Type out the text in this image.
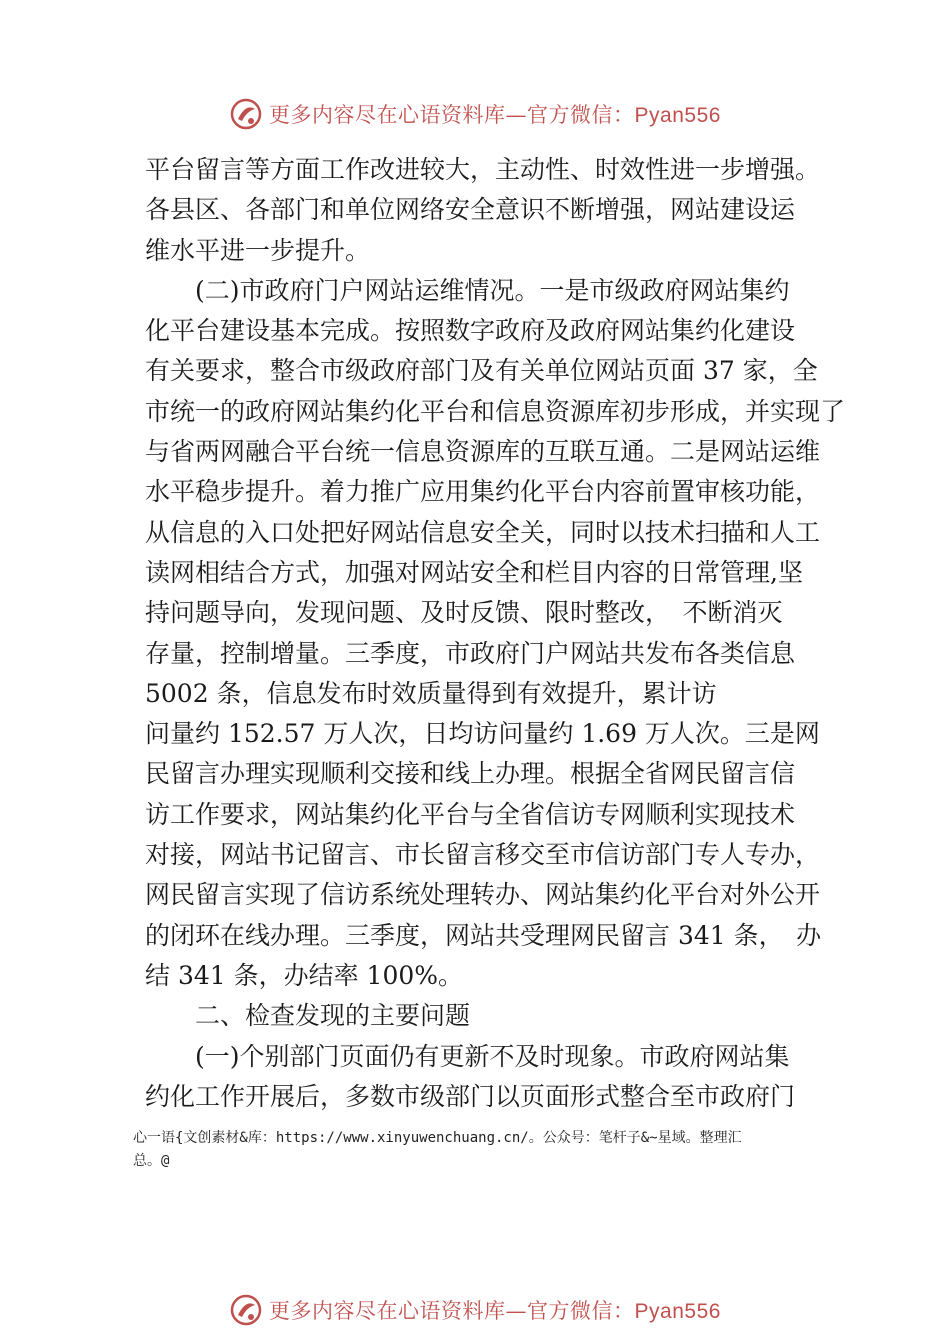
更多内容尽在心语资料库—官方微信：Pyan556
平台留言等方面工作改进较大，主动性、时效性进一步增强。
各县区、各部门和单位网络安全意识不断增强，网站建设运
维水平进一步提升。
　　(二)市政府门户网站运维情况。一是市级政府网站集约
化平台建设基本完成。按照数字政府及政府网站集约化建设
有关要求，整合市级政府部门及有关单位网站页面 37 家，全
市统一的政府网站集约化平台和信息资源库初步形成，并实现了
与省两网融合平台统一信息资源库的互联互通。二是网站运维
水平稳步提升。着力推广应用集约化平台内容前置审核功能，
从信息的入口处把好网站信息安全关，同时以技术扫描和人工
读网相结合方式，加强对网站安全和栏目内容的日常管理,坚
持问题导向，发现问题、及时反馈、限时整改，　不断消灭
存量，控制增量。三季度，市政府门户网站共发布各类信息
5002 条，信息发布时效质量得到有效提升，累计访
问量约 152.57 万人次，日均访问量约 1.69 万人次。三是网
民留言办理实现顺利交接和线上办理。根据全省网民留言信
访工作要求，网站集约化平台与全省信访专网顺利实现技术
对接，网站书记留言、市长留言移交至市信访部门专人专办，
网民留言实现了信访系统处理转办、网站集约化平台对外公开
的闭环在线办理。三季度，网站共受理网民留言 341 条，　办
结 341 条，办结率 100%。
　　二、检查发现的主要问题
　　(一)个别部门页面仍有更新不及时现象。市政府网站集
约化工作开展后，多数市级部门以页面形式整合至市政府门
心一语{文创素材&库：https://www.xinyuwenchuang.cn/。公众号：笔杆子&~星域。整理汇
总。@
更多内容尽在心语资料库—官方微信：Pyan556
